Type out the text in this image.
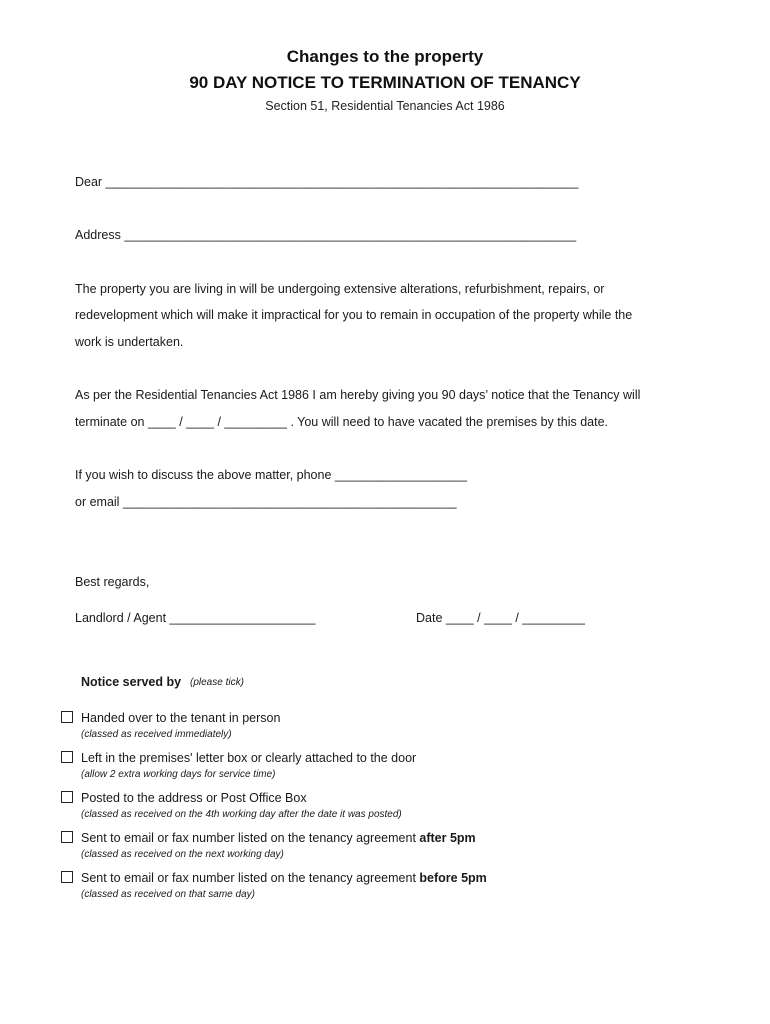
Changes to the property
90 DAY NOTICE TO TERMINATION OF TENANCY
Section 51, Residential Tenancies Act 1986
Dear ____________________________________________________________________
Address _________________________________________________________________
The property you are living in will be undergoing extensive alterations, refurbishment, repairs, or
redevelopment which will make it impractical for you to remain in occupation of the property while the
work is undertaken.
As per the Residential Tenancies Act 1986 I am hereby giving you 90 days’ notice that the Tenancy will
terminate on ____ / ____ / _________ . You will need to have vacated the premises by this date.
If you wish to discuss the above matter, phone ___________________
or email ________________________________________________
Best regards,
Landlord / Agent _____________________	Date ____ / ____ / _________
Notice served by (please tick)
Handed over to the tenant in person
(classed as received immediately)
Left in the premises' letter box or clearly attached to the door
(allow 2 extra working days for service time)
Posted to the address or Post Office Box
(classed as received on the 4th working day after the date it was posted)
Sent to email or fax number listed on the tenancy agreement after 5pm
(classed as received on the next working day)
Sent to email or fax number listed on the tenancy agreement before 5pm
(classed as received on that same day)
